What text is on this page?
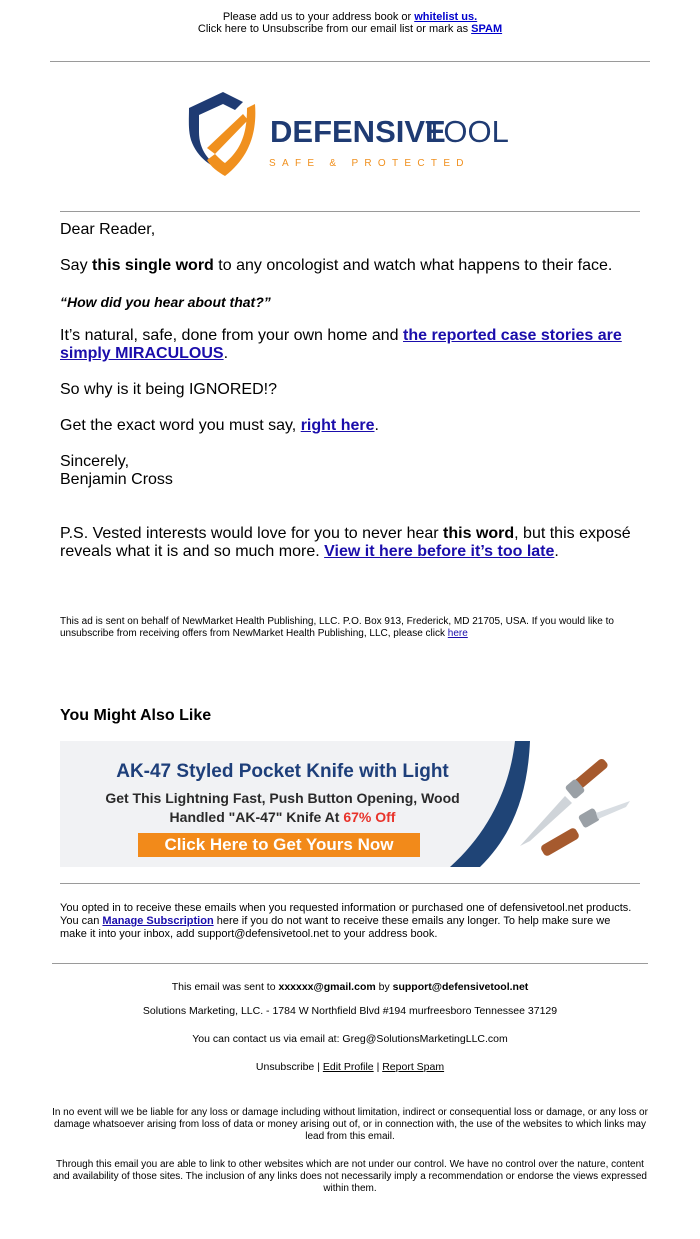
Please add us to your address book or whitelist us.
Click here to Unsubscribe from our email list or mark as SPAM
DEFENSIVE
TOOL
SAFE & PROTECTED
Dear Reader,
Say this single word to any oncologist and watch what happens to their face.
“How did you hear about that?”
It’s natural, safe, done from your own home and the reported case stories are simply MIRACULOUS.
So why is it being IGNORED!?
Get the exact word you must say, right here.
Sincerely,
Benjamin Cross
P.S. Vested interests would love for you to never hear this word, but this exposé reveals what it is and so much more. View it here before it’s too late.
This ad is sent on behalf of NewMarket Health Publishing, LLC. P.O. Box 913, Frederick, MD 21705, USA. If you would like to unsubscribe from receiving offers from NewMarket Health Publishing, LLC, please click here
You Might Also Like
AK-47 Styled Pocket Knife with Light
Get This Lightning Fast, Push Button Opening, Wood
Handled "AK-47" Knife At 67% Off
Click Here to Get Yours Now
You opted in to receive these emails when you requested information or purchased one of defensivetool.net products. You can Manage Subscription here if you do not want to receive these emails any longer. To help make sure we make it into your inbox, add support@defensivetool.net to your address book.
This email was sent to xxxxxx@gmail.com by support@defensivetool.net
Solutions Marketing, LLC. - 1784 W Northfield Blvd #194 murfreesboro Tennessee 37129
You can contact us via email at: Greg@SolutionsMarketingLLC.com
Unsubscribe | Edit Profile | Report Spam
In no event will we be liable for any loss or damage including without limitation, indirect or consequential loss or damage, or any loss or damage whatsoever arising from loss of data or money arising out of, or in connection with, the use of the websites to which links may lead from this email.
Through this email you are able to link to other websites which are not under our control. We have no control over the nature, content and availability of those sites. The inclusion of any links does not necessarily imply a recommendation or endorse the views expressed within them.
